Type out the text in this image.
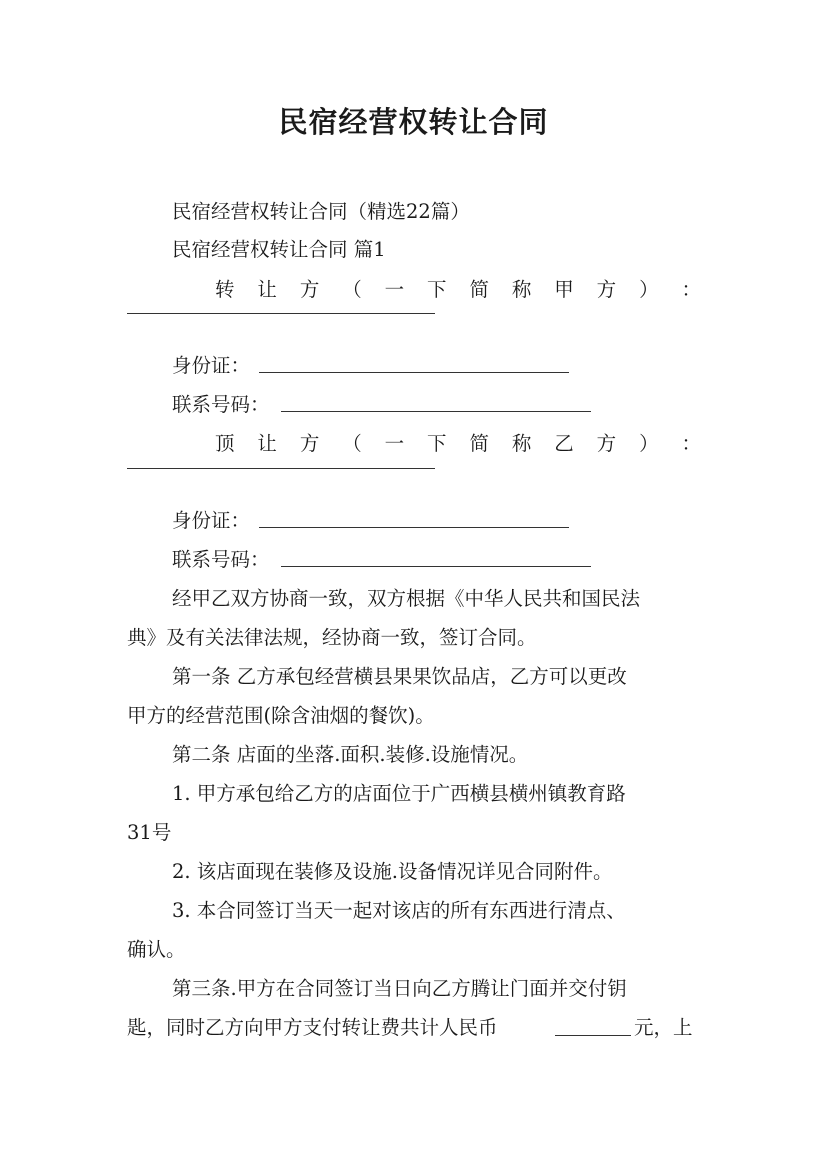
民宿经营权转让合同
民宿经营权转让合同（精选22篇）
民宿经营权转让合同 篇1
转 让 方 （ 一 下 简 称 甲 方 ） ：
身份证：
联系号码：
顶 让 方 （ 一 下 简 称 乙 方 ） ：
身份证：
联系号码：
经甲乙双方协商一致，双方根据《中华人民共和国民法
典》及有关法律法规，经协商一致，签订合同。
第一条 乙方承包经营横县果果饮品店，乙方可以更改
甲方的经营范围(除含油烟的餐饮)。
第二条 店面的坐落.面积.装修.设施情况。
1. 甲方承包给乙方的店面位于广西横县横州镇教育路
31号
2. 该店面现在装修及设施.设备情况详见合同附件。
3. 本合同签订当天一起对该店的所有东西进行清点、
确认。
第三条.甲方在合同签订当日向乙方腾让门面并交付钥
匙，同时乙方向甲方支付转让费共计人民币	元，上
